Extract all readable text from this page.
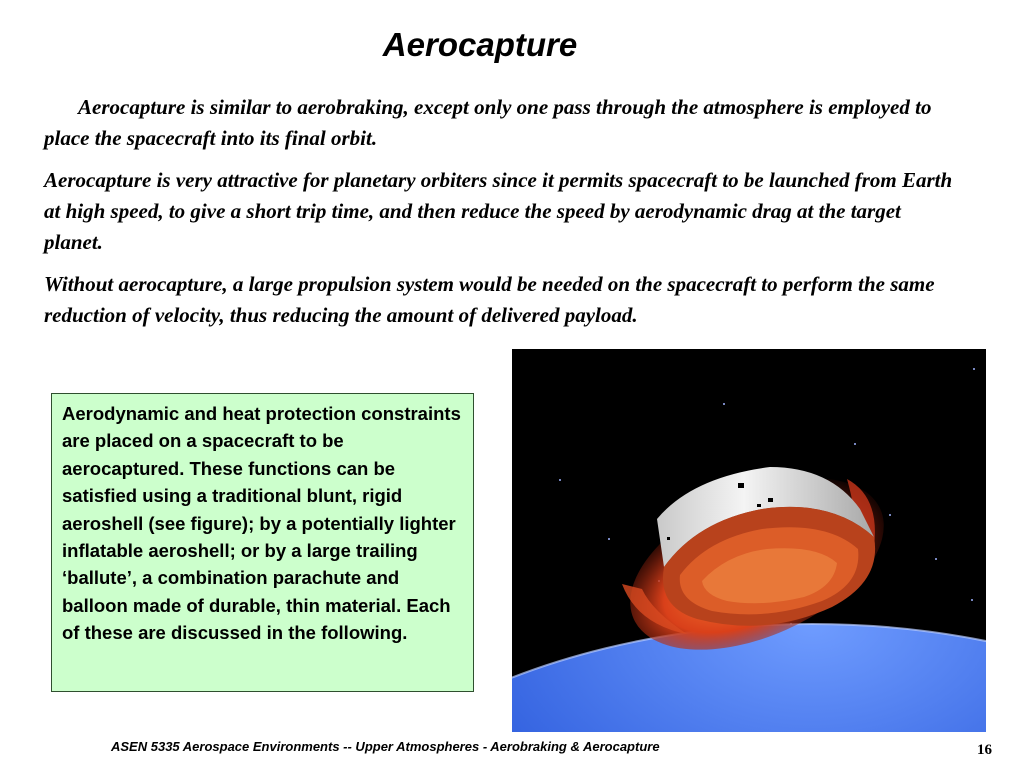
Aerocapture

Aerocapture is similar to aerobraking, except only one pass through the atmosphere is employed to place the spacecraft into its final orbit.

Aerocapture is very attractive for planetary orbiters since it permits spacecraft to be launched from Earth at high speed, to give a short trip time, and then reduce the speed by aerodynamic drag at the target planet.

Without aerocapture, a large propulsion system would be needed on the spacecraft to perform the same reduction of velocity, thus reducing the amount of delivered payload.

Aerodynamic and heat protection constraints are placed on a spacecraft to be aerocaptured. These functions can be satisfied using a traditional blunt, rigid aeroshell (see figure); by a potentially lighter inflatable aeroshell; or by a large trailing ‘ballute’, a combination parachute and balloon made of durable, thin material. Each of these are discussed in the following.
ASEN 5335 Aerospace Environments -- Upper Atmospheres - Aerobraking & Aerocapture	16
